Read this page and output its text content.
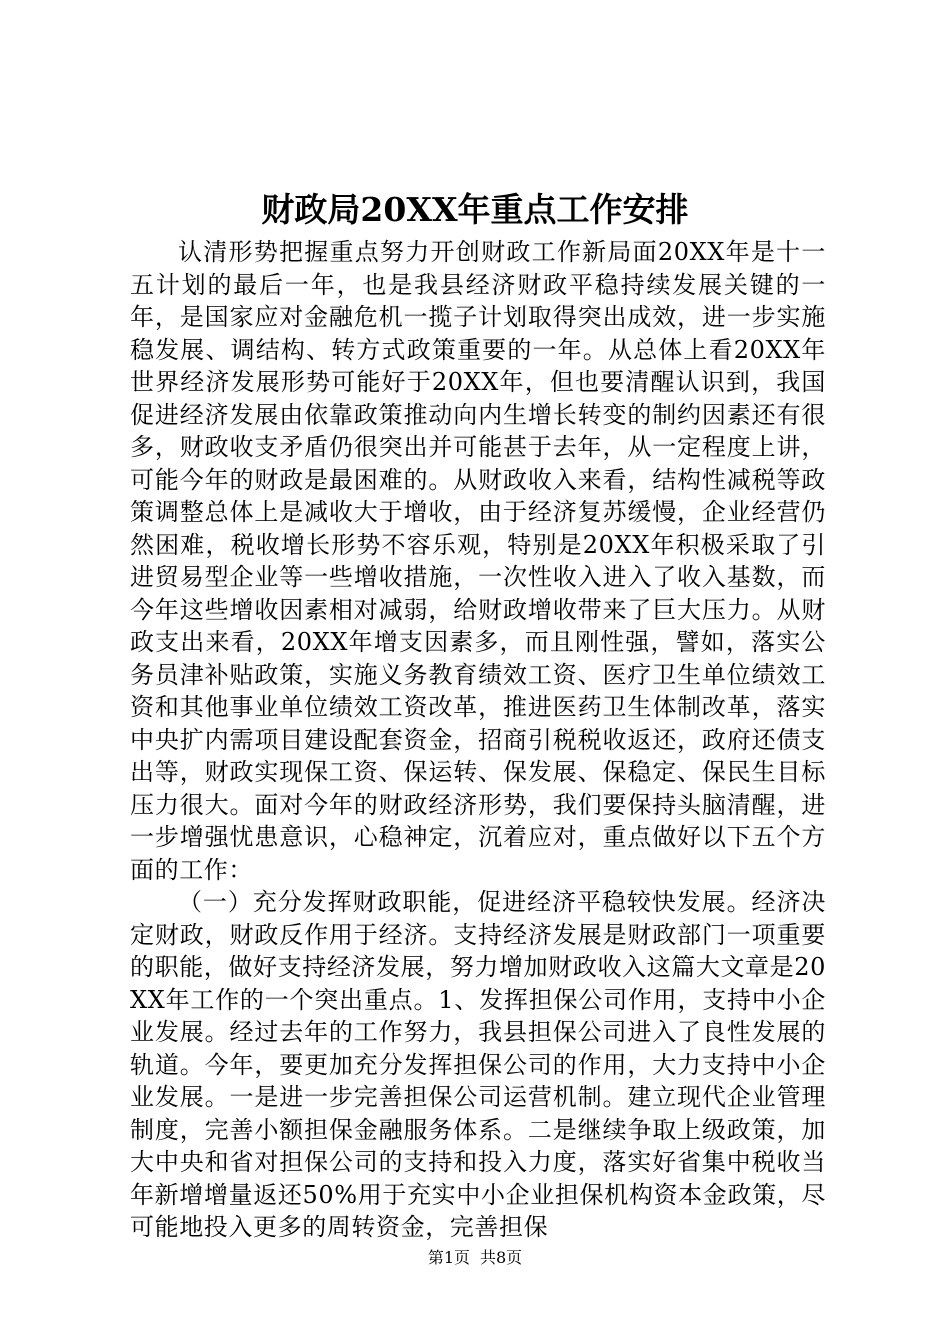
财政局20XX年重点工作安排

认清形势把握重点努力开创财政工作新局面20XX年是十一五计划的最后一年，也是我县经济财政平稳持续发展关键的一年，是国家应对金融危机一揽子计划取得突出成效，进一步实施稳发展、调结构、转方式政策重要的一年。从总体上看20XX年世界经济发展形势可能好于20XX年，但也要清醒认识到，我国促进经济发展由依靠政策推动向内生增长转变的制约因素还有很多，财政收支矛盾仍很突出并可能甚于去年，从一定程度上讲，可能今年的财政是最困难的。从财政收入来看，结构性减税等政策调整总体上是减收大于增收，由于经济复苏缓慢，企业经营仍然困难，税收增长形势不容乐观，特别是20XX年积极采取了引进贸易型企业等一些增收措施，一次性收入进入了收入基数，而今年这些增收因素相对减弱，给财政增收带来了巨大压力。从财政支出来看，20XX年增支因素多，而且刚性强，譬如，落实公务员津补贴政策，实施义务教育绩效工资、医疗卫生单位绩效工资和其他事业单位绩效工资改革，推进医药卫生体制改革，落实中央扩内需项目建设配套资金，招商引税税收返还，政府还债支出等，财政实现保工资、保运转、保发展、保稳定、保民生目标压力很大。面对今年的财政经济形势，我们要保持头脑清醒，进一步增强忧患意识，心稳神定，沉着应对，重点做好以下五个方面的工作：

（一）充分发挥财政职能，促进经济平稳较快发展。经济决定财政，财政反作用于经济。支持经济发展是财政部门一项重要的职能，做好支持经济发展，努力增加财政收入这篇大文章是20XX年工作的一个突出重点。1、发挥担保公司作用，支持中小企业发展。经过去年的工作努力，我县担保公司进入了良性发展的轨道。今年，要更加充分发挥担保公司的作用，大力支持中小企业发展。一是进一步完善担保公司运营机制。建立现代企业管理制度，完善小额担保金融服务体系。二是继续争取上级政策，加大中央和省对担保公司的支持和投入力度，落实好省集中税收当年新增增量返还50%用于充实中小企业担保机构资本金政策，尽可能地投入更多的周转资金，完善担保

第1页 共8页
